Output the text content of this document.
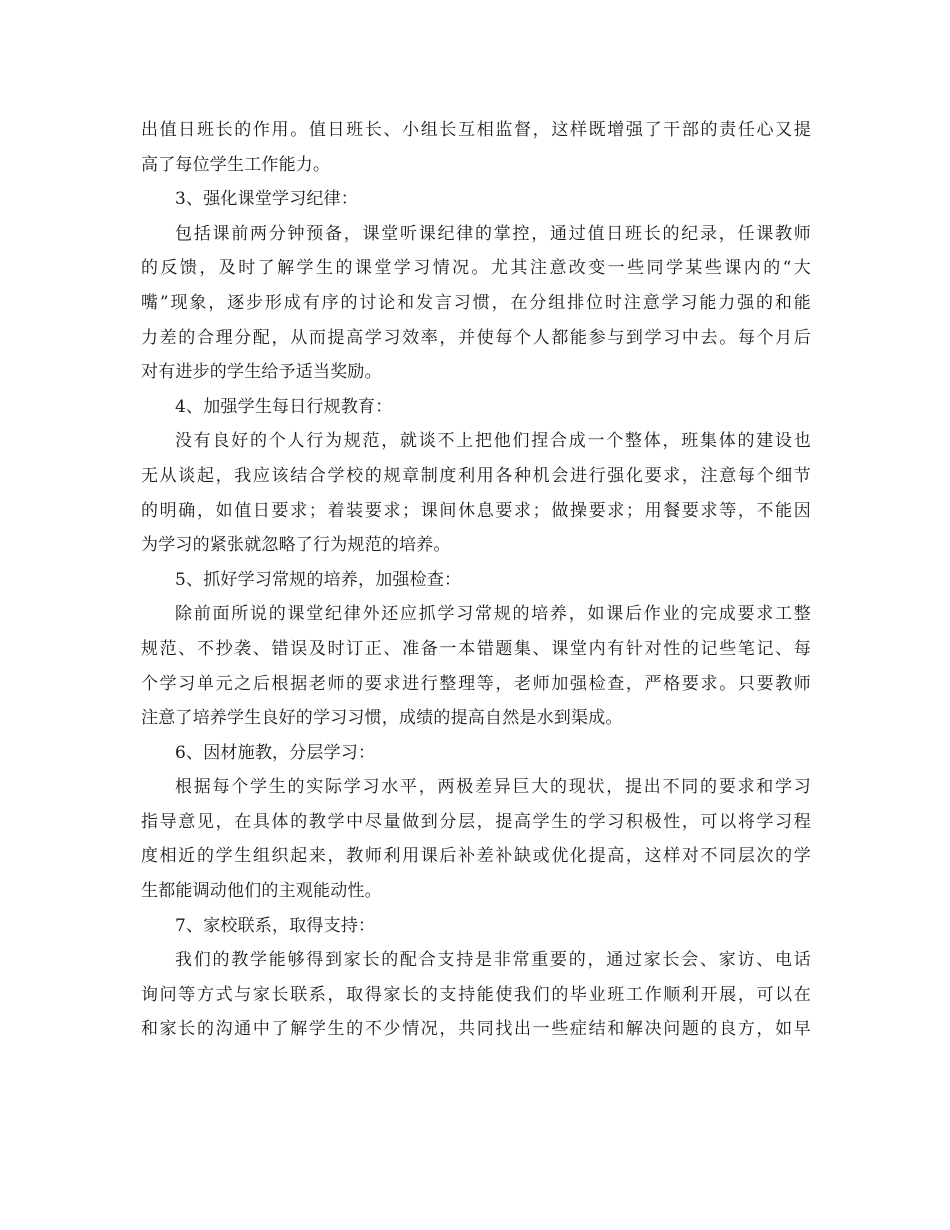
出值日班长的作用。值日班长、小组长互相监督，这样既增强了干部的责任心又提
高了每位学生工作能力。
3、强化课堂学习纪律：
包括课前两分钟预备，课堂听课纪律的掌控，通过值日班长的纪录，任课教师
的反馈，及时了解学生的课堂学习情况。尤其注意改变一些同学某些课内的“大
嘴”现象，逐步形成有序的讨论和发言习惯，在分组排位时注意学习能力强的和能
力差的合理分配，从而提高学习效率，并使每个人都能参与到学习中去。每个月后
对有进步的学生给予适当奖励。
4、加强学生每日行规教育：
没有良好的个人行为规范，就谈不上把他们捏合成一个整体，班集体的建设也
无从谈起，我应该结合学校的规章制度利用各种机会进行强化要求，注意每个细节
的明确，如值日要求；着装要求；课间休息要求；做操要求；用餐要求等，不能因
为学习的紧张就忽略了行为规范的培养。
5、抓好学习常规的培养，加强检查：
除前面所说的课堂纪律外还应抓学习常规的培养，如课后作业的完成要求工整
规范、不抄袭、错误及时订正、准备一本错题集、课堂内有针对性的记些笔记、每
个学习单元之后根据老师的要求进行整理等，老师加强检查，严格要求。只要教师
注意了培养学生良好的学习习惯，成绩的提高自然是水到渠成。
6、因材施教，分层学习：
根据每个学生的实际学习水平，两极差异巨大的现状，提出不同的要求和学习
指导意见，在具体的教学中尽量做到分层，提高学生的学习积极性，可以将学习程
度相近的学生组织起来，教师利用课后补差补缺或优化提高，这样对不同层次的学
生都能调动他们的主观能动性。
7、家校联系，取得支持：
我们的教学能够得到家长的配合支持是非常重要的，通过家长会、家访、电话
询问等方式与家长联系，取得家长的支持能使我们的毕业班工作顺利开展，可以在
和家长的沟通中了解学生的不少情况，共同找出一些症结和解决问题的良方，如早
